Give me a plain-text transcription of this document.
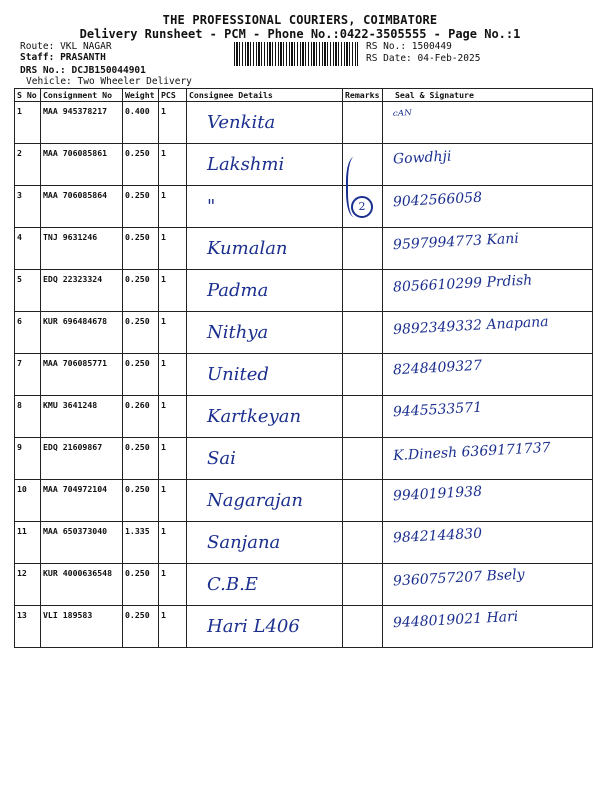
THE PROFESSIONAL COURIERS, COIMBATORE
Delivery Runsheet - PCM - Phone No.:0422-3505555 - Page No.:1
Route: VKL NAGAR
Staff: PRASANTH
DRS No.: DCJB150044901
Vehicle: Two Wheeler Delivery
RS No.: 1500449
RS Date: 04-Feb-2025
S No	Consignment No	Weight	PCS	Consignee Details	Remarks	Seal & Signature
1	MAA 945378217	0.400	1	Venkita		ᶜᴬᴺ

2	MAA 706085861	0.250	1	Lakshmi		Gowdhji

3	MAA 706085864	0.250	1	"		9042566058

4	TNJ 9631246	0.250	1	Kumalan		9597994773 Kani

5	EDQ 22323324	0.250	1	Padma		8056610299 Prdish

6	KUR 696484678	0.250	1	Nithya		9892349332 Anapana

7	MAA 706085771	0.250	1	United		8248409327

8	KMU 3641248	0.260	1	Kartkeyan		9445533571

9	EDQ 21609867	0.250	1	Sai		K.Dinesh 6369171737

10	MAA 704972104	0.250	1	Nagarajan		9940191938

11	MAA 650373040	1.335	1	Sanjana		9842144830

12	KUR 4000636548	0.250	1	C.B.E		9360757207 Bsely

13	VLI 189583	0.250	1	Hari L406		9448019021 Hari
2
